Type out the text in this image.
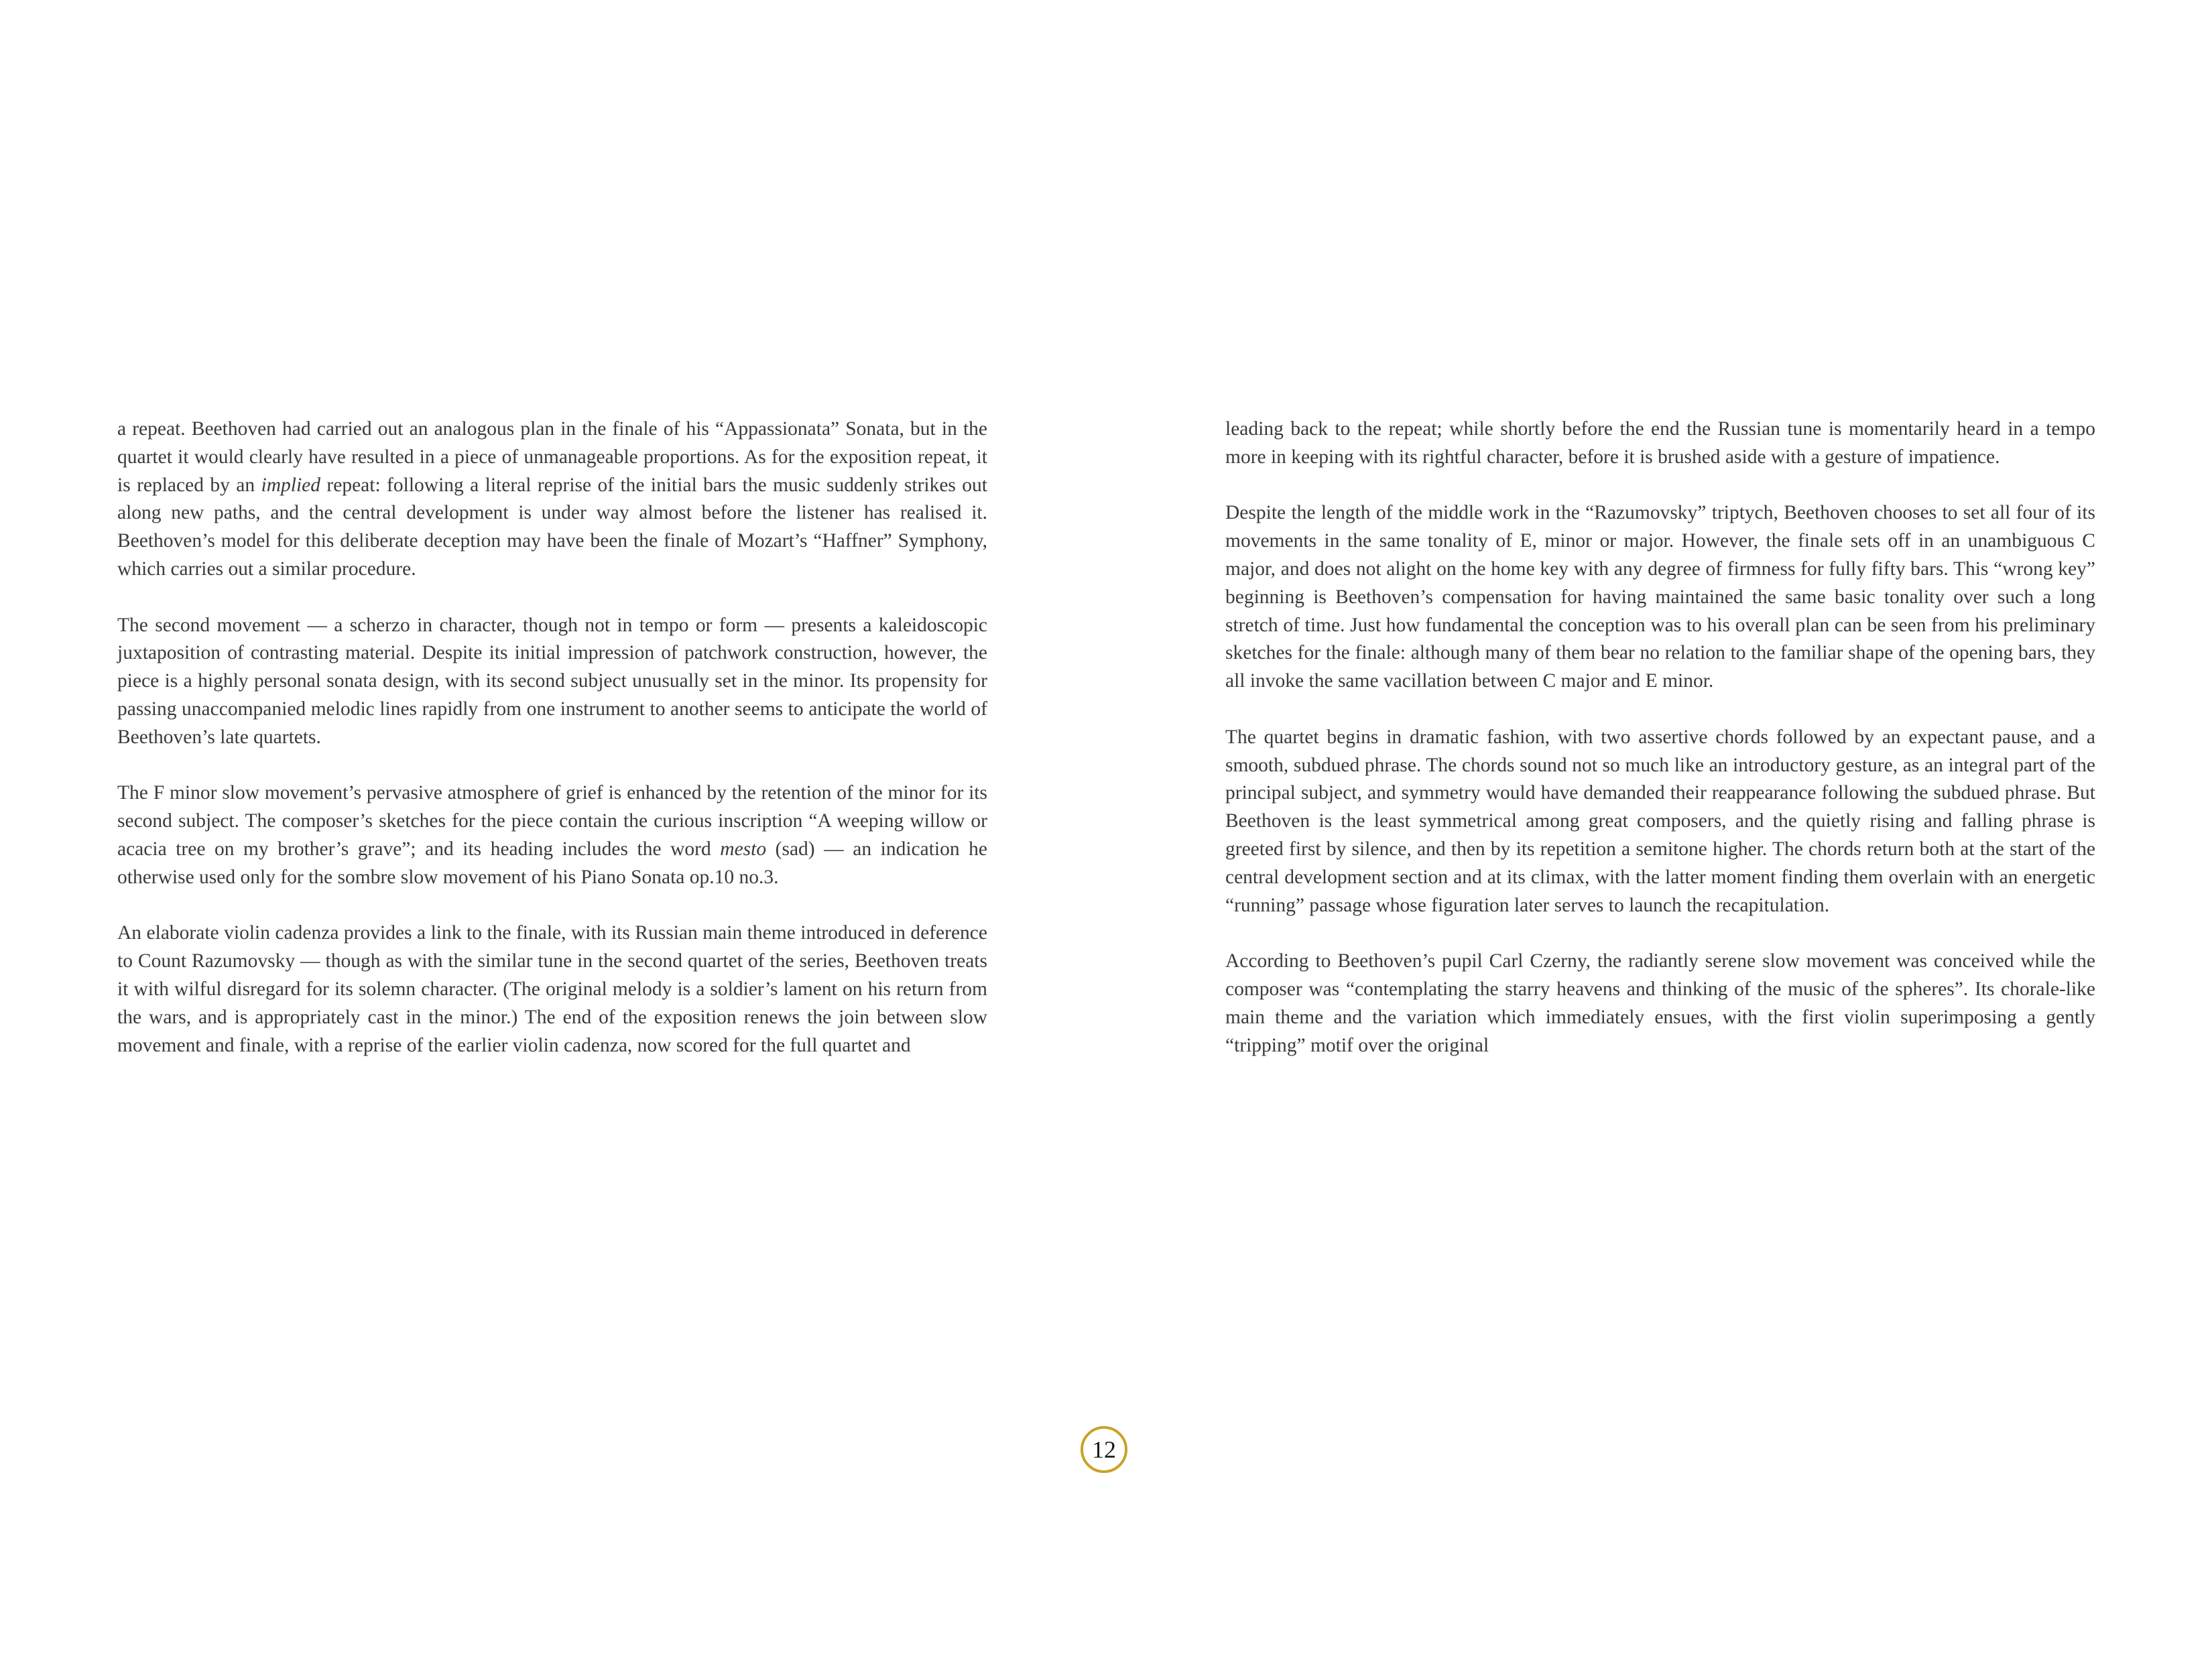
a repeat. Beethoven had carried out an analogous plan in the finale of his “Appassionata” Sonata, but in the quartet it would clearly have resulted in a piece of unmanageable proportions. As for the exposition repeat, it is replaced by an implied repeat: following a literal reprise of the initial bars the music suddenly strikes out along new paths, and the central development is under way almost before the listener has realised it. Beethoven’s model for this deliberate deception may have been the finale of Mozart’s “Haffner” Symphony, which carries out a similar procedure.

The second movement — a scherzo in character, though not in tempo or form — presents a kaleidoscopic juxtaposition of contrasting material. Despite its initial impression of patchwork construction, however, the piece is a highly personal sonata design, with its second subject unusually set in the minor. Its propensity for passing unaccompanied melodic lines rapidly from one instrument to another seems to anticipate the world of Beethoven’s late quartets.

The F minor slow movement’s pervasive atmosphere of grief is enhanced by the retention of the minor for its second subject. The composer’s sketches for the piece contain the curious inscription “A weeping willow or acacia tree on my brother’s grave”; and its heading includes the word mesto (sad) — an indication he otherwise used only for the sombre slow movement of his Piano Sonata op.10 no.3.

An elaborate violin cadenza provides a link to the finale, with its Russian main theme introduced in deference to Count Razumovsky — though as with the similar tune in the second quartet of the series, Beethoven treats it with wilful disregard for its solemn character. (The original melody is a soldier’s lament on his return from the wars, and is appropriately cast in the minor.) The end of the exposition renews the join between slow movement and finale, with a reprise of the earlier violin cadenza, now scored for the full quartet and

leading back to the repeat; while shortly before the end the Russian tune is momentarily heard in a tempo more in keeping with its rightful character, before it is brushed aside with a gesture of impatience.

Despite the length of the middle work in the “Razumovsky” triptych, Beethoven chooses to set all four of its movements in the same tonality of E, minor or major. However, the finale sets off in an unambiguous C major, and does not alight on the home key with any degree of firmness for fully fifty bars. This “wrong key” beginning is Beethoven’s compensation for having maintained the same basic tonality over such a long stretch of time. Just how fundamental the conception was to his overall plan can be seen from his preliminary sketches for the finale: although many of them bear no relation to the familiar shape of the opening bars, they all invoke the same vacillation between C major and E minor.

The quartet begins in dramatic fashion, with two assertive chords followed by an expectant pause, and a smooth, subdued phrase. The chords sound not so much like an introductory gesture, as an integral part of the principal subject, and symmetry would have demanded their reappearance following the subdued phrase. But Beethoven is the least symmetrical among great composers, and the quietly rising and falling phrase is greeted first by silence, and then by its repetition a semitone higher. The chords return both at the start of the central development section and at its climax, with the latter moment finding them overlain with an energetic “running” passage whose figuration later serves to launch the recapitulation.

According to Beethoven’s pupil Carl Czerny, the radiantly serene slow movement was conceived while the composer was “contemplating the starry heavens and thinking of the music of the spheres”. Its chorale-like main theme and the variation which immediately ensues, with the first violin superimposing a gently “tripping” motif over the original

12
